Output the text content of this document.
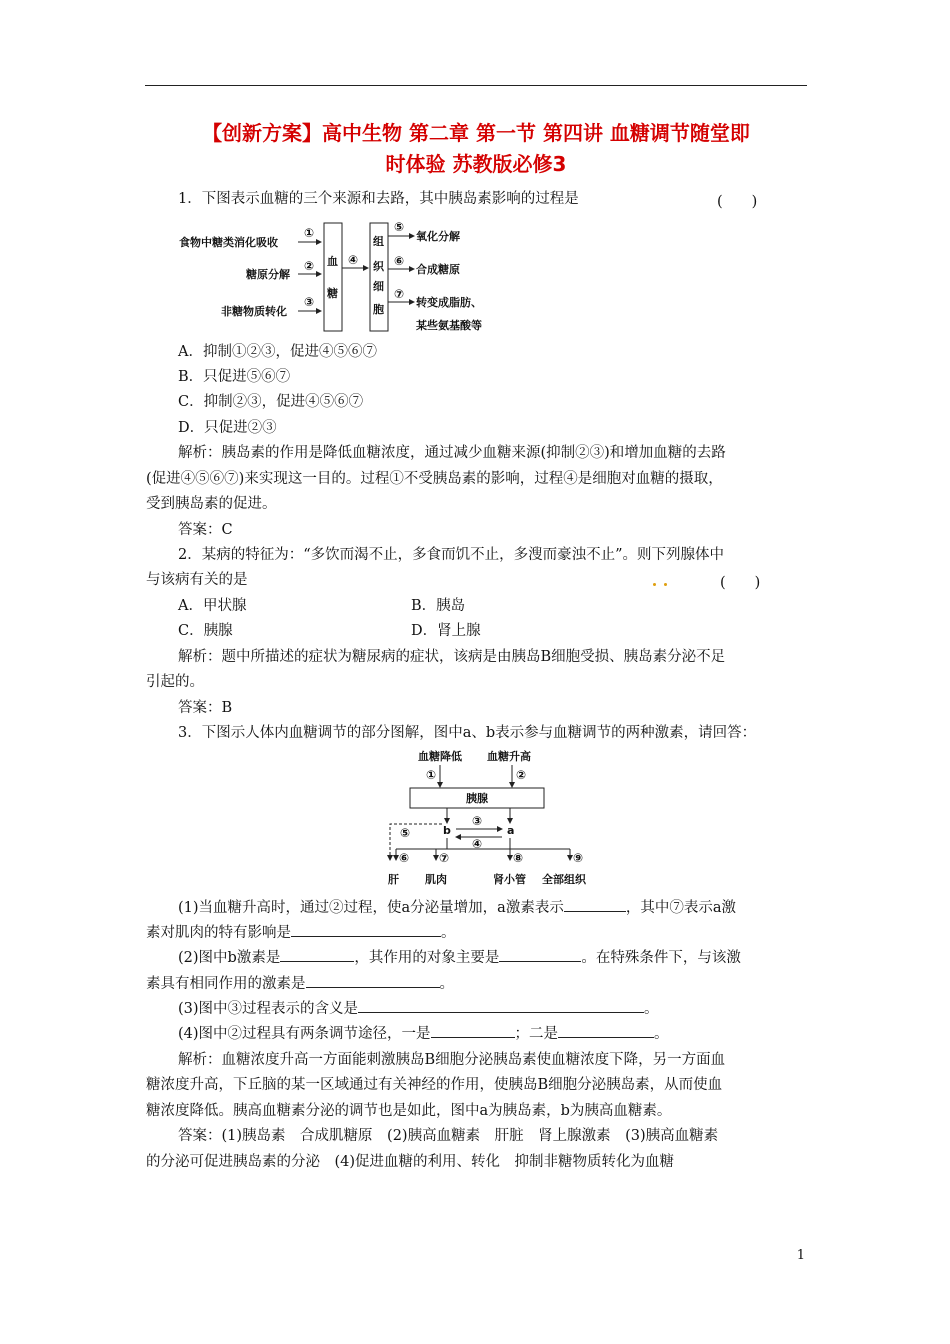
【创新方案】高中生物 第二章 第一节 第四讲 血糖调节随堂即
时体验 苏教版必修3
1．下图表示血糖的三个来源和去路，其中胰岛素影响的过程是	(　　)
食物中糖类消化吸收
糖原分解
非糖物质转化
①
②
③
血
糖
④
组
织
细
胞
⑤
⑥
⑦
氧化分解
合成糖原
转变成脂肪、
某些氨基酸等
A．抑制①②③，促进④⑤⑥⑦
B．只促进⑤⑥⑦
C．抑制②③，促进④⑤⑥⑦
D．只促进②③
解析：胰岛素的作用是降低血糖浓度，通过减少血糖来源(抑制②③)和增加血糖的去路
(促进④⑤⑥⑦)来实现这一目的。过程①不受胰岛素的影响，过程④是细胞对血糖的摄取，
受到胰岛素的促进。
答案：C
2．某病的特征为：“多饮而渴不止，多食而饥不止，多溲而豪浊不止”。则下列腺体中
与该病有关的是	(　　)
A．甲状腺	B．胰岛
C．胰腺	D．肾上腺
解析：题中所描述的症状为糖尿病的症状，该病是由胰岛B细胞受损、胰岛素分泌不足
引起的。
答案：B
3．下图示人体内血糖调节的部分图解，图中a、b表示参与血糖调节的两种激素，请回答：
血糖降低 血糖升高
①	②
胰腺
b	a
③
④
⑤
⑥ ⑦	⑧	⑨
肝 肌肉	肾小管 全部组织
(1)当血糖升高时，通过②过程，使a分泌量增加，a激素表示	，其中⑦表示a激
素对肌肉的特有影响是	。
(2)图中b激素是	，其作用的对象主要是	。在特殊条件下，与该激
素具有相同作用的激素是	。
(3)图中③过程表示的含义是	。
(4)图中②过程具有两条调节途径，一是	；二是	。
解析：血糖浓度升高一方面能刺激胰岛B细胞分泌胰岛素使血糖浓度下降，另一方面血
糖浓度升高，下丘脑的某一区域通过有关神经的作用，使胰岛B细胞分泌胰岛素，从而使血
糖浓度降低。胰高血糖素分泌的调节也是如此，图中a为胰岛素，b为胰高血糖素。
答案：(1)胰岛素　合成肌糖原　(2)胰高血糖素　肝脏　肾上腺激素　(3)胰高血糖素
的分泌可促进胰岛素的分泌　(4)促进血糖的利用、转化　抑制非糖物质转化为血糖
1
